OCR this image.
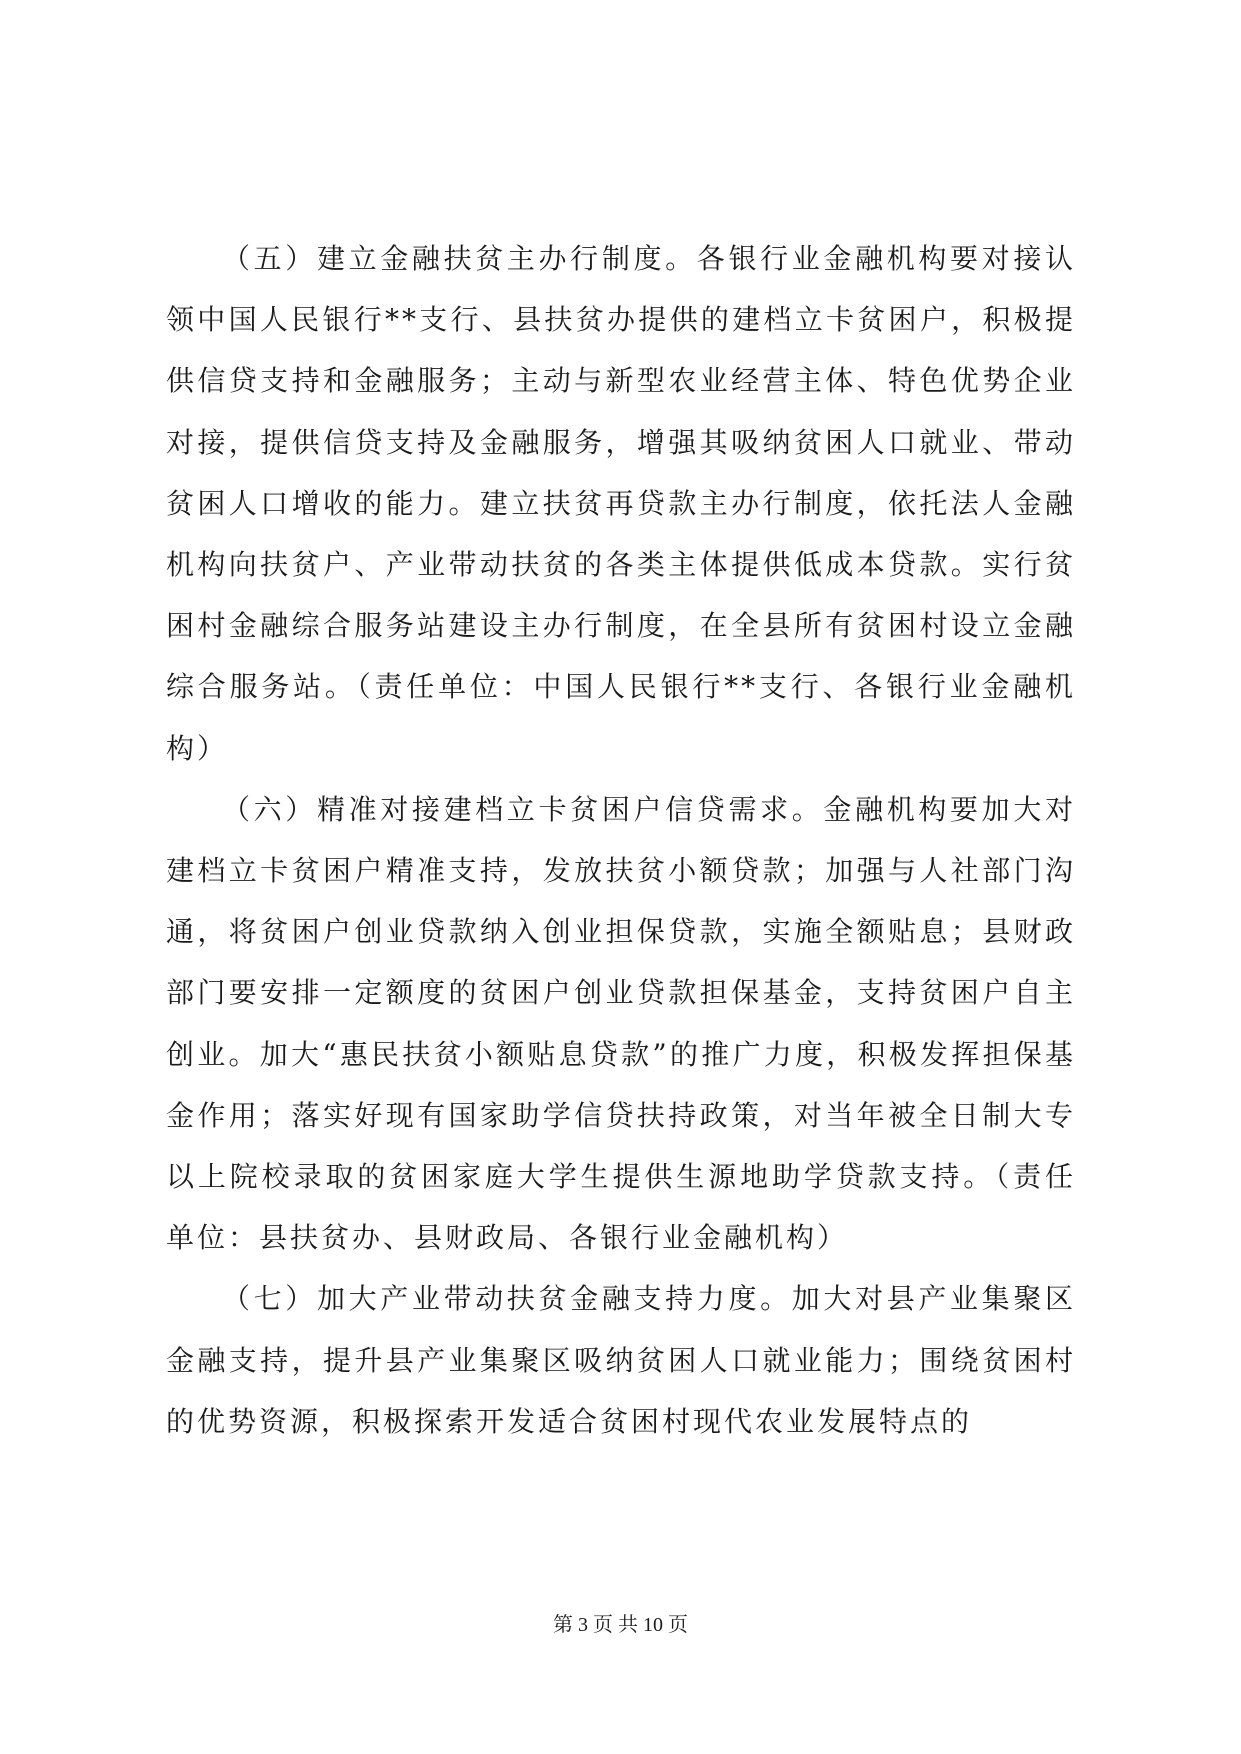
（五）建立金融扶贫主办行制度。各银行业金融机构要对接认领中国人民银行**支行、县扶贫办提供的建档立卡贫困户，积极提供信贷支持和金融服务；主动与新型农业经营主体、特色优势企业对接，提供信贷支持及金融服务，增强其吸纳贫困人口就业、带动贫困人口增收的能力。建立扶贫再贷款主办行制度，依托法人金融机构向扶贫户、产业带动扶贫的各类主体提供低成本贷款。实行贫困村金融综合服务站建设主办行制度，在全县所有贫困村设立金融综合服务站。（责任单位：中国人民银行**支行、各银行业金融机构）

（六）精准对接建档立卡贫困户信贷需求。金融机构要加大对建档立卡贫困户精准支持，发放扶贫小额贷款；加强与人社部门沟通，将贫困户创业贷款纳入创业担保贷款，实施全额贴息；县财政部门要安排一定额度的贫困户创业贷款担保基金，支持贫困户自主创业。加大“惠民扶贫小额贴息贷款”的推广力度，积极发挥担保基金作用；落实好现有国家助学信贷扶持政策，对当年被全日制大专以上院校录取的贫困家庭大学生提供生源地助学贷款支持。（责任单位：县扶贫办、县财政局、各银行业金融机构）

（七）加大产业带动扶贫金融支持力度。加大对县产业集聚区金融支持，提升县产业集聚区吸纳贫困人口就业能力；围绕贫困村的优势资源，积极探索开发适合贫困村现代农业发展特点的

第 3 页 共 10 页
